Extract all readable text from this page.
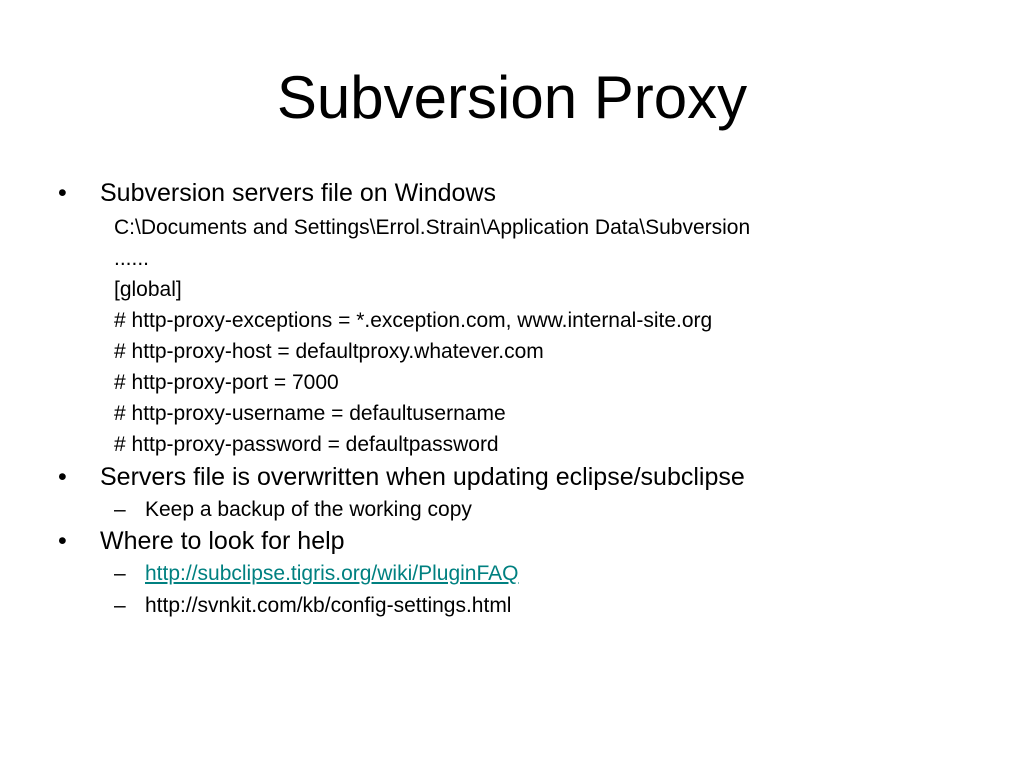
Subversion Proxy
• Subversion servers file on Windows
C:\Documents and Settings\Errol.Strain\Application Data\Subversion
......
[global]
# http-proxy-exceptions = *.exception.com, www.internal-site.org
# http-proxy-host = defaultproxy.whatever.com
# http-proxy-port = 7000
# http-proxy-username = defaultusername
# http-proxy-password = defaultpassword
• Servers file is overwritten when updating eclipse/subclipse
– Keep a backup of the working copy
• Where to look for help
– http://subclipse.tigris.org/wiki/PluginFAQ
– http://svnkit.com/kb/config-settings.html
